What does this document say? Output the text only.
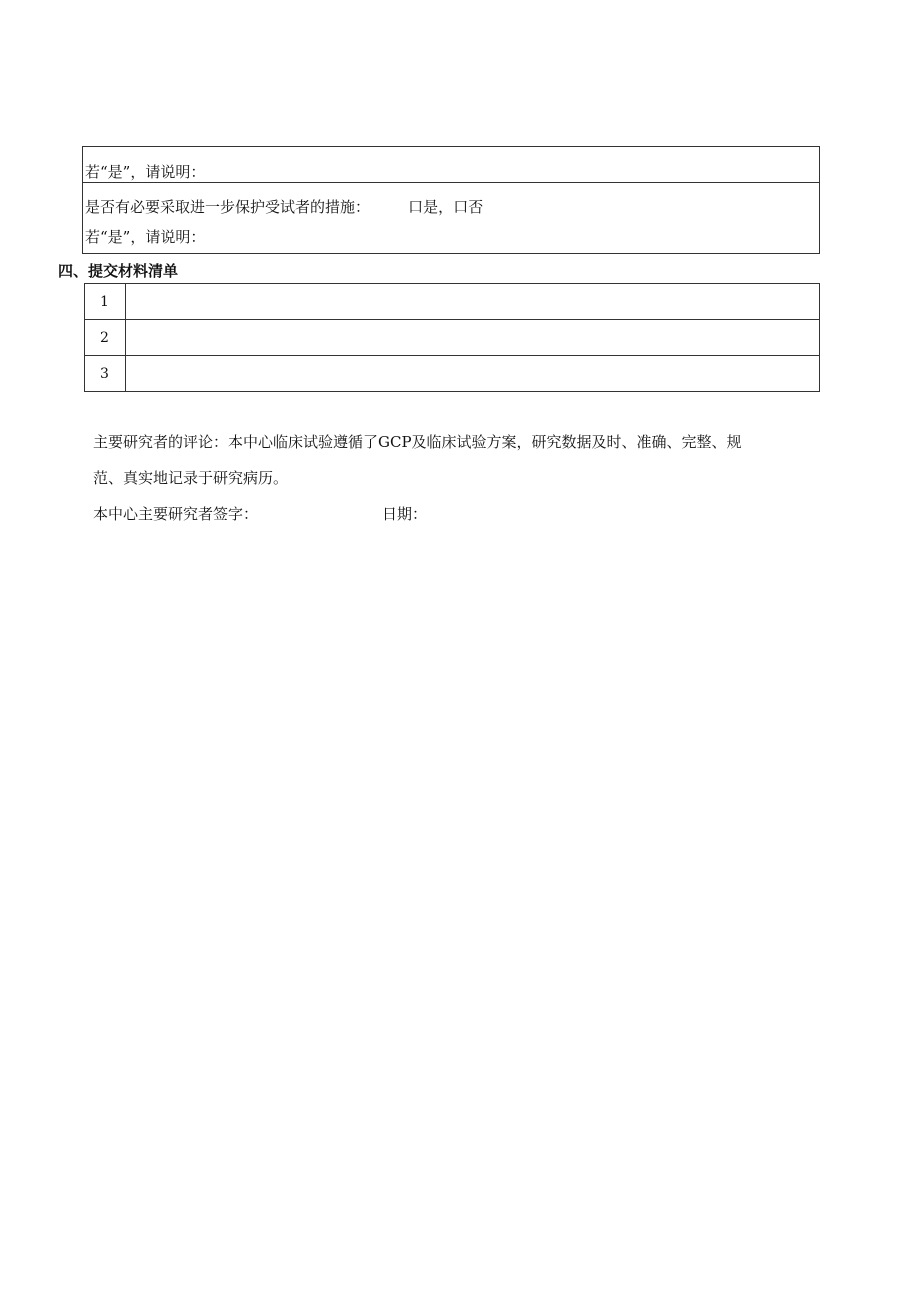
若“是”，请说明：
是否有必要采取进一步保护受试者的措施：	口是，口否
若“是”，请说明：
四、提交材料清单
1	
2	
3	
主要研究者的评论：本中心临床试验遵循了GCP及临床试验方案，研究数据及时、准确、完整、规
范、真实地记录于研究病历。
本中心主要研究者签字：	日期：
